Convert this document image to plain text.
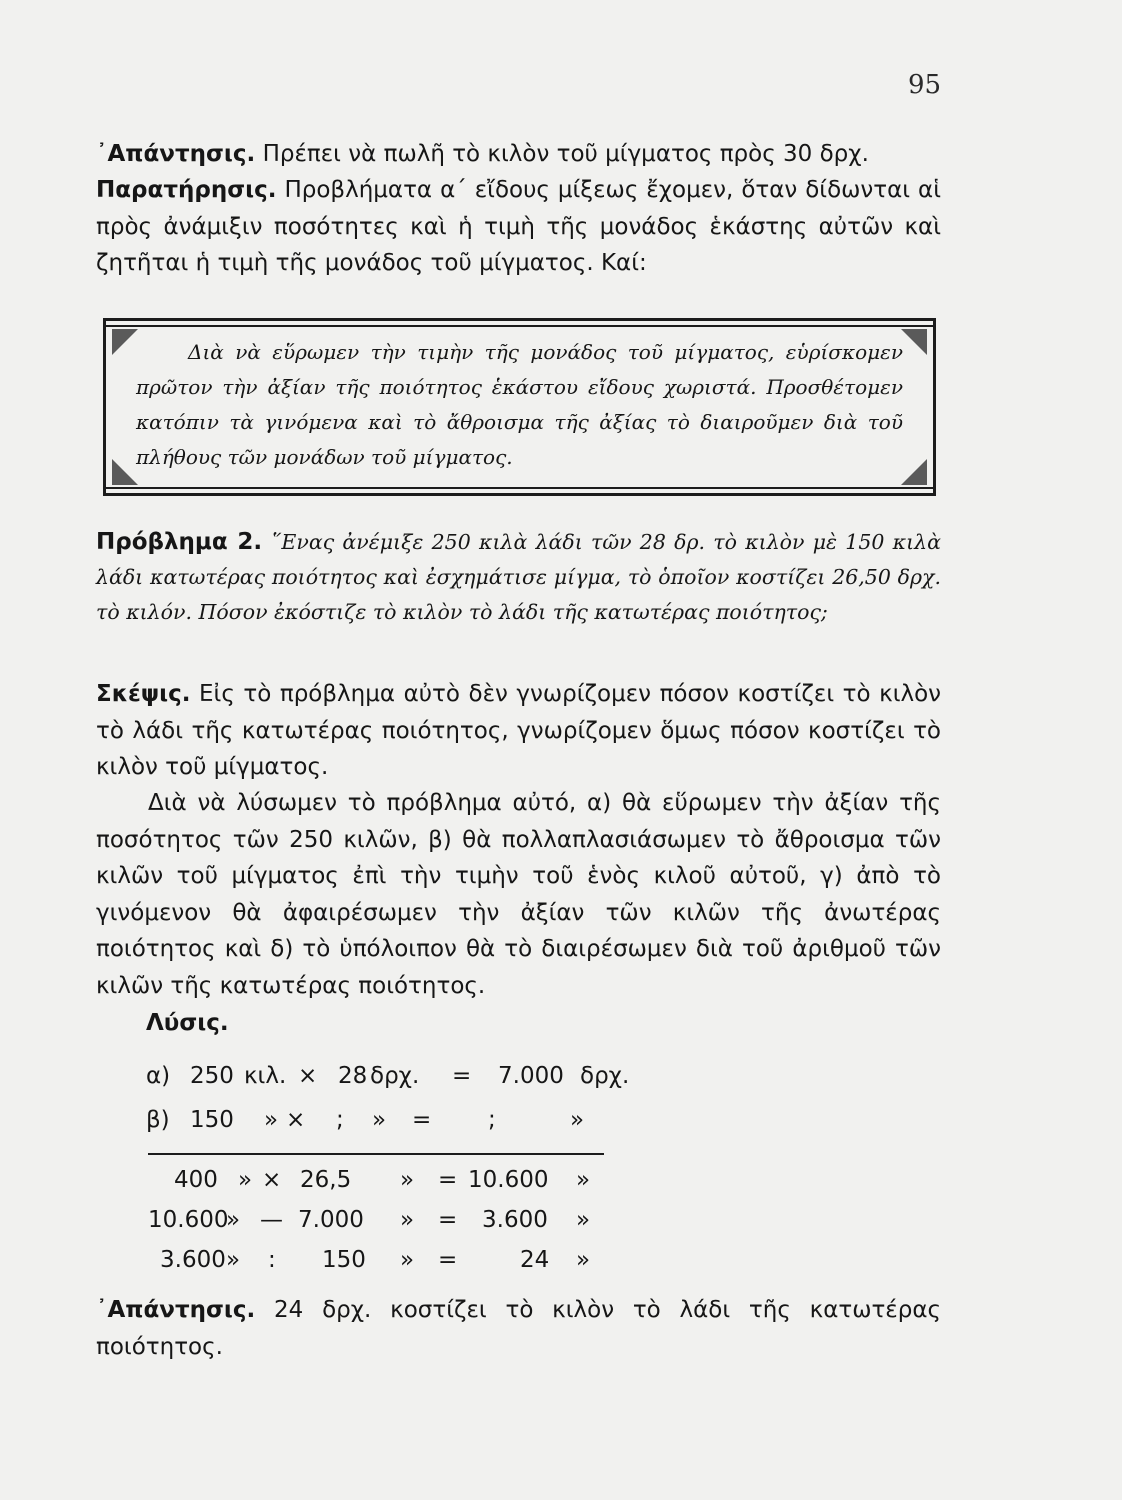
95
᾿Απάντησις. Πρέπει νὰ πωλῆ τὸ κιλὸν τοῦ μίγματος πρὸς 30 δρχ.
Παρατήρησις. Προβλήματα α΄ εἴδους μίξεως ἔχομεν, ὅταν δίδωνται αἱ πρὸς ἀνάμιξιν ποσότητες καὶ ἡ τιμὴ τῆς μονάδος ἑκάστης αὐτῶν καὶ ζητῆται ἡ τιμὴ τῆς μονάδος τοῦ μίγματος. Καί:
Διὰ νὰ εὕρωμεν τὴν τιμὴν τῆς μονάδος τοῦ μίγματος, εὑρίσκομεν πρῶτον τὴν ἀξίαν τῆς ποιότητος ἑκάστου εἴδους χωριστά. Προσθέτομεν κατόπιν τὰ γινόμενα καὶ τὸ ἄθροισμα τῆς ἀξίας τὸ διαιροῦμεν διὰ τοῦ πλήθους τῶν μονάδων τοῦ μίγματος.
Πρόβλημα 2. ῞Ενας ἀνέμιξε 250 κιλὰ λάδι τῶν 28 δρ. τὸ κιλὸν μὲ 150 κιλὰ λάδι κατωτέρας ποιότητος καὶ ἐσχημάτισε μίγμα, τὸ ὁποῖον κοστίζει 26,50 δρχ. τὸ κιλόν. Πόσον ἐκόστιζε τὸ κιλὸν τὸ λάδι τῆς κατωτέρας ποιότητος;
Σκέψις. Εἰς τὸ πρόβλημα αὐτὸ δὲν γνωρίζομεν πόσον κοστίζει τὸ κιλὸν τὸ λάδι τῆς κατωτέρας ποιότητος, γνωρίζομεν ὅμως πόσον κοστίζει τὸ κιλὸν τοῦ μίγματος.
Διὰ νὰ λύσωμεν τὸ πρόβλημα αὐτό, α) θὰ εὕρωμεν τὴν ἀξίαν τῆς ποσότητος τῶν 250 κιλῶν, β) θὰ πολλαπλασιάσωμεν τὸ ἄθροισμα τῶν κιλῶν τοῦ μίγματος ἐπὶ τὴν τιμὴν τοῦ ἑνὸς κιλοῦ αὐτοῦ, γ) ἀπὸ τὸ γινόμενον θὰ ἀφαιρέσωμεν τὴν ἀξίαν τῶν κιλῶν τῆς ἀνωτέρας ποιότητος καὶ δ) τὸ ὑπόλοιπον θὰ τὸ διαιρέσωμεν διὰ τοῦ ἀριθμοῦ τῶν κιλῶν τῆς κατωτέρας ποιότητος.
Λύσις.
α) 250 κιλ. × 28 δρχ. = 7.000 δρχ.
β) 150 » × ; » = ;	»
400 » × 26,5 » = 10.600 »
10.600
» — 7.000 » = 3.600 »
3.600 » : 150 » =	24 »
᾿Απάντησις. 24 δρχ. κοστίζει τὸ κιλὸν τὸ λάδι τῆς κατωτέρας ποιότητος.
